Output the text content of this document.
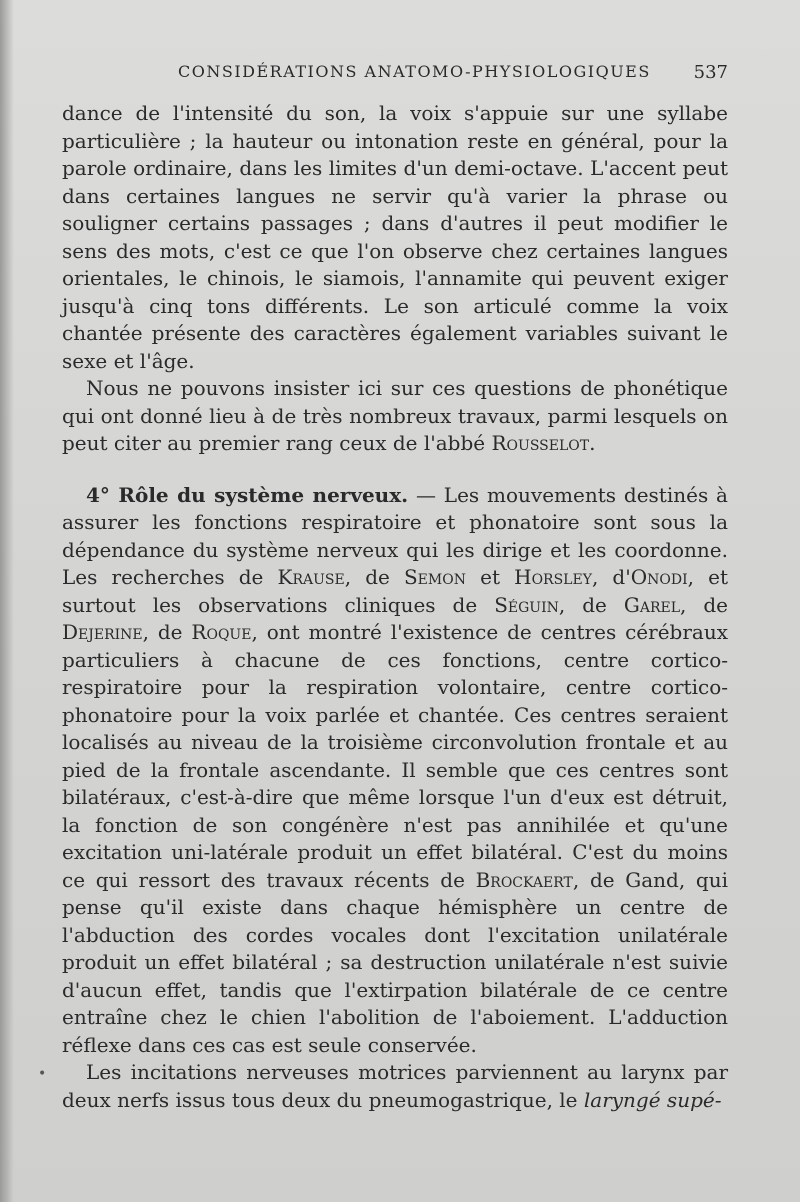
CONSIDÉRATIONS ANATOMO-PHYSIOLOGIQUES 537

dance de l'intensité du son, la voix s'appuie sur une syllabe particulière ; la hauteur ou intonation reste en général, pour la parole ordinaire, dans les limites d'un demi-octave. L'accent peut dans certaines langues ne servir qu'à varier la phrase ou souligner certains passages ; dans d'autres il peut modifier le sens des mots, c'est ce que l'on observe chez certaines langues orientales, le chinois, le siamois, l'annamite qui peuvent exiger jusqu'à cinq tons différents. Le son articulé comme la voix chantée présente des caractères également variables suivant le sexe et l'âge.

Nous ne pouvons insister ici sur ces questions de phonétique qui ont donné lieu à de très nombreux travaux, parmi lesquels on peut citer au premier rang ceux de l'abbé Rousselot.

4° Rôle du système nerveux. — Les mouvements destinés à assurer les fonctions respiratoire et phonatoire sont sous la dépendance du système nerveux qui les dirige et les coordonne. Les recherches de Krause, de Semon et Horsley, d'Onodi, et surtout les observations cliniques de Séguin, de Garel, de Dejerine, de Roque, ont montré l'existence de centres cérébraux particuliers à chacune de ces fonctions, centre cortico-respiratoire pour la respiration volontaire, centre cortico-phonatoire pour la voix parlée et chantée. Ces centres seraient localisés au niveau de la troisième circonvolution frontale et au pied de la frontale ascendante. Il semble que ces centres sont bilatéraux, c'est-à-dire que même lorsque l'un d'eux est détruit, la fonction de son congénère n'est pas annihilée et qu'une excitation uni-latérale produit un effet bilatéral. C'est du moins ce qui ressort des travaux récents de Brockaert, de Gand, qui pense qu'il existe dans chaque hémisphère un centre de l'abduction des cordes vocales dont l'excitation unilatérale produit un effet bilatéral ; sa destruction unilatérale n'est suivie d'aucun effet, tandis que l'extirpation bilatérale de ce centre entraîne chez le chien l'abolition de l'aboiement. L'adduction réflexe dans ces cas est seule conservée.

Les incitations nerveuses motrices parviennent au larynx par deux nerfs issus tous deux du pneumogastrique, le laryngé supé-

•
